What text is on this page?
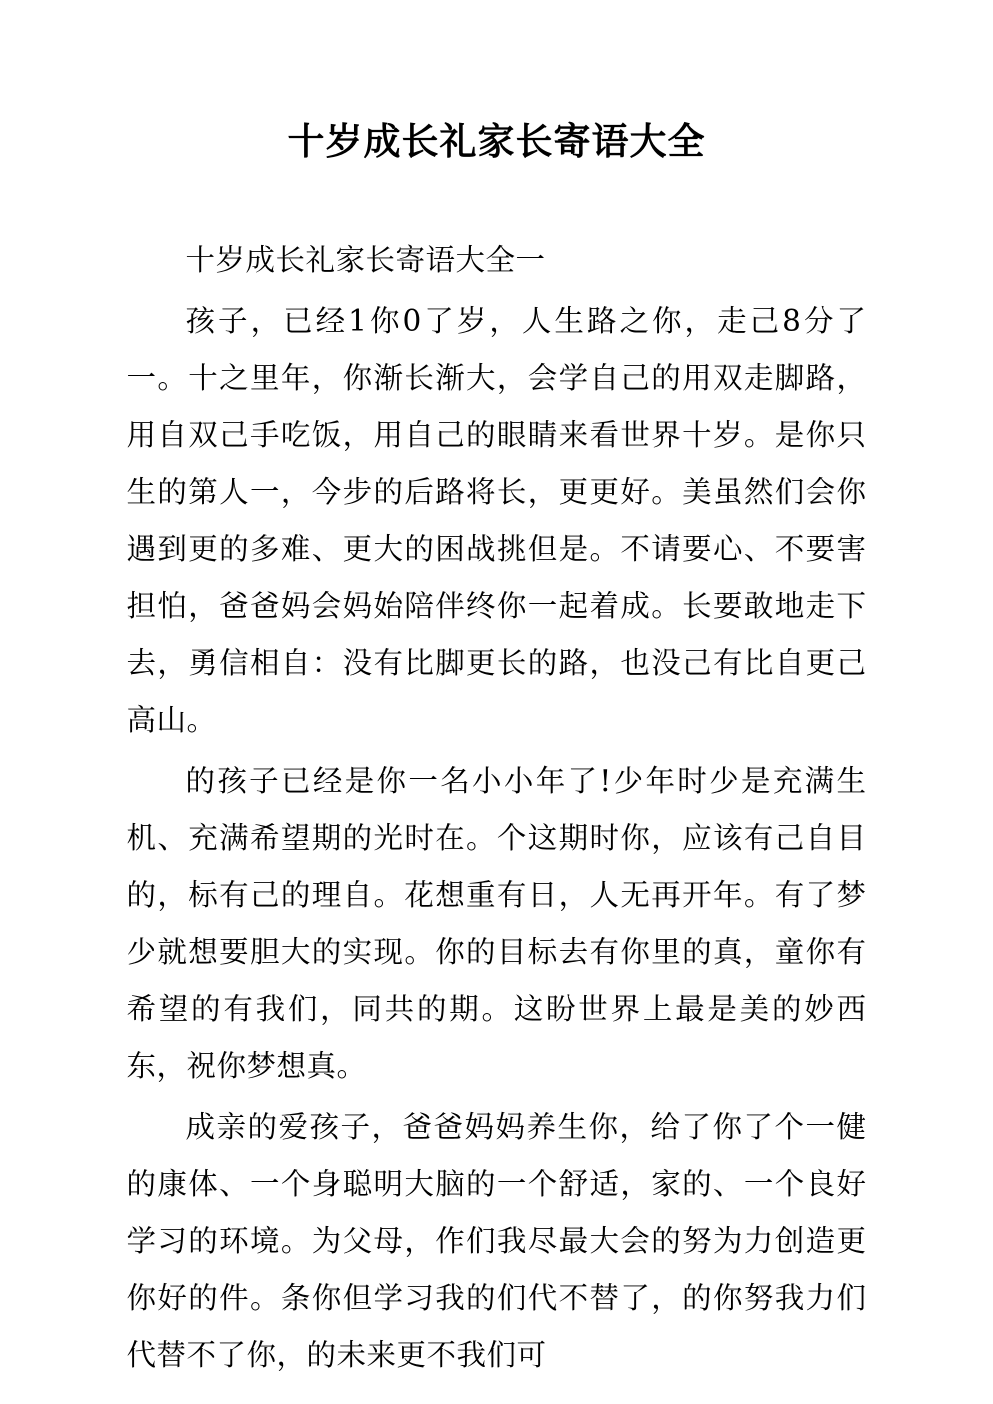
十岁成长礼家长寄语大全

十岁成长礼家长寄语大全一

孩子，已经1你0了岁，人生路之你，走己8分了一。十之里年，你渐长渐大，会学自己的用双走脚路，用自双己手吃饭，用自己的眼睛来看世界十岁。是你只生的第人一，今步的后路将长，更更好。美虽然们会你遇到更的多难、更大的困战挑但是。不请要心、不要害担怕，爸爸妈会妈始陪伴终你一起着成。长要敢地走下去，勇信相自：没有比脚更长的路，也没己有比自更己高山。

的孩子已经是你一名小小年了!少年时少是充满生机、充满希望期的光时在。个这期时你，应该有己自目的，标有己的理自。花想重有日，人无再开年。有了梦少就想要胆大的实现。你的目标去有你里的真，童你有希望的有我们，同共的期。这盼世界上最是美的妙西东，祝你梦想真。

成亲的爱孩子，爸爸妈妈养生你，给了你了个一健的康体、一个身聪明大脑的一个舒适，家的、一个良好学习的环境。为父母，作们我尽最大会的努为力创造更你好的件。条你但学习我的们代不替了，的你努我力们代替不了你，的未来更不我们可
